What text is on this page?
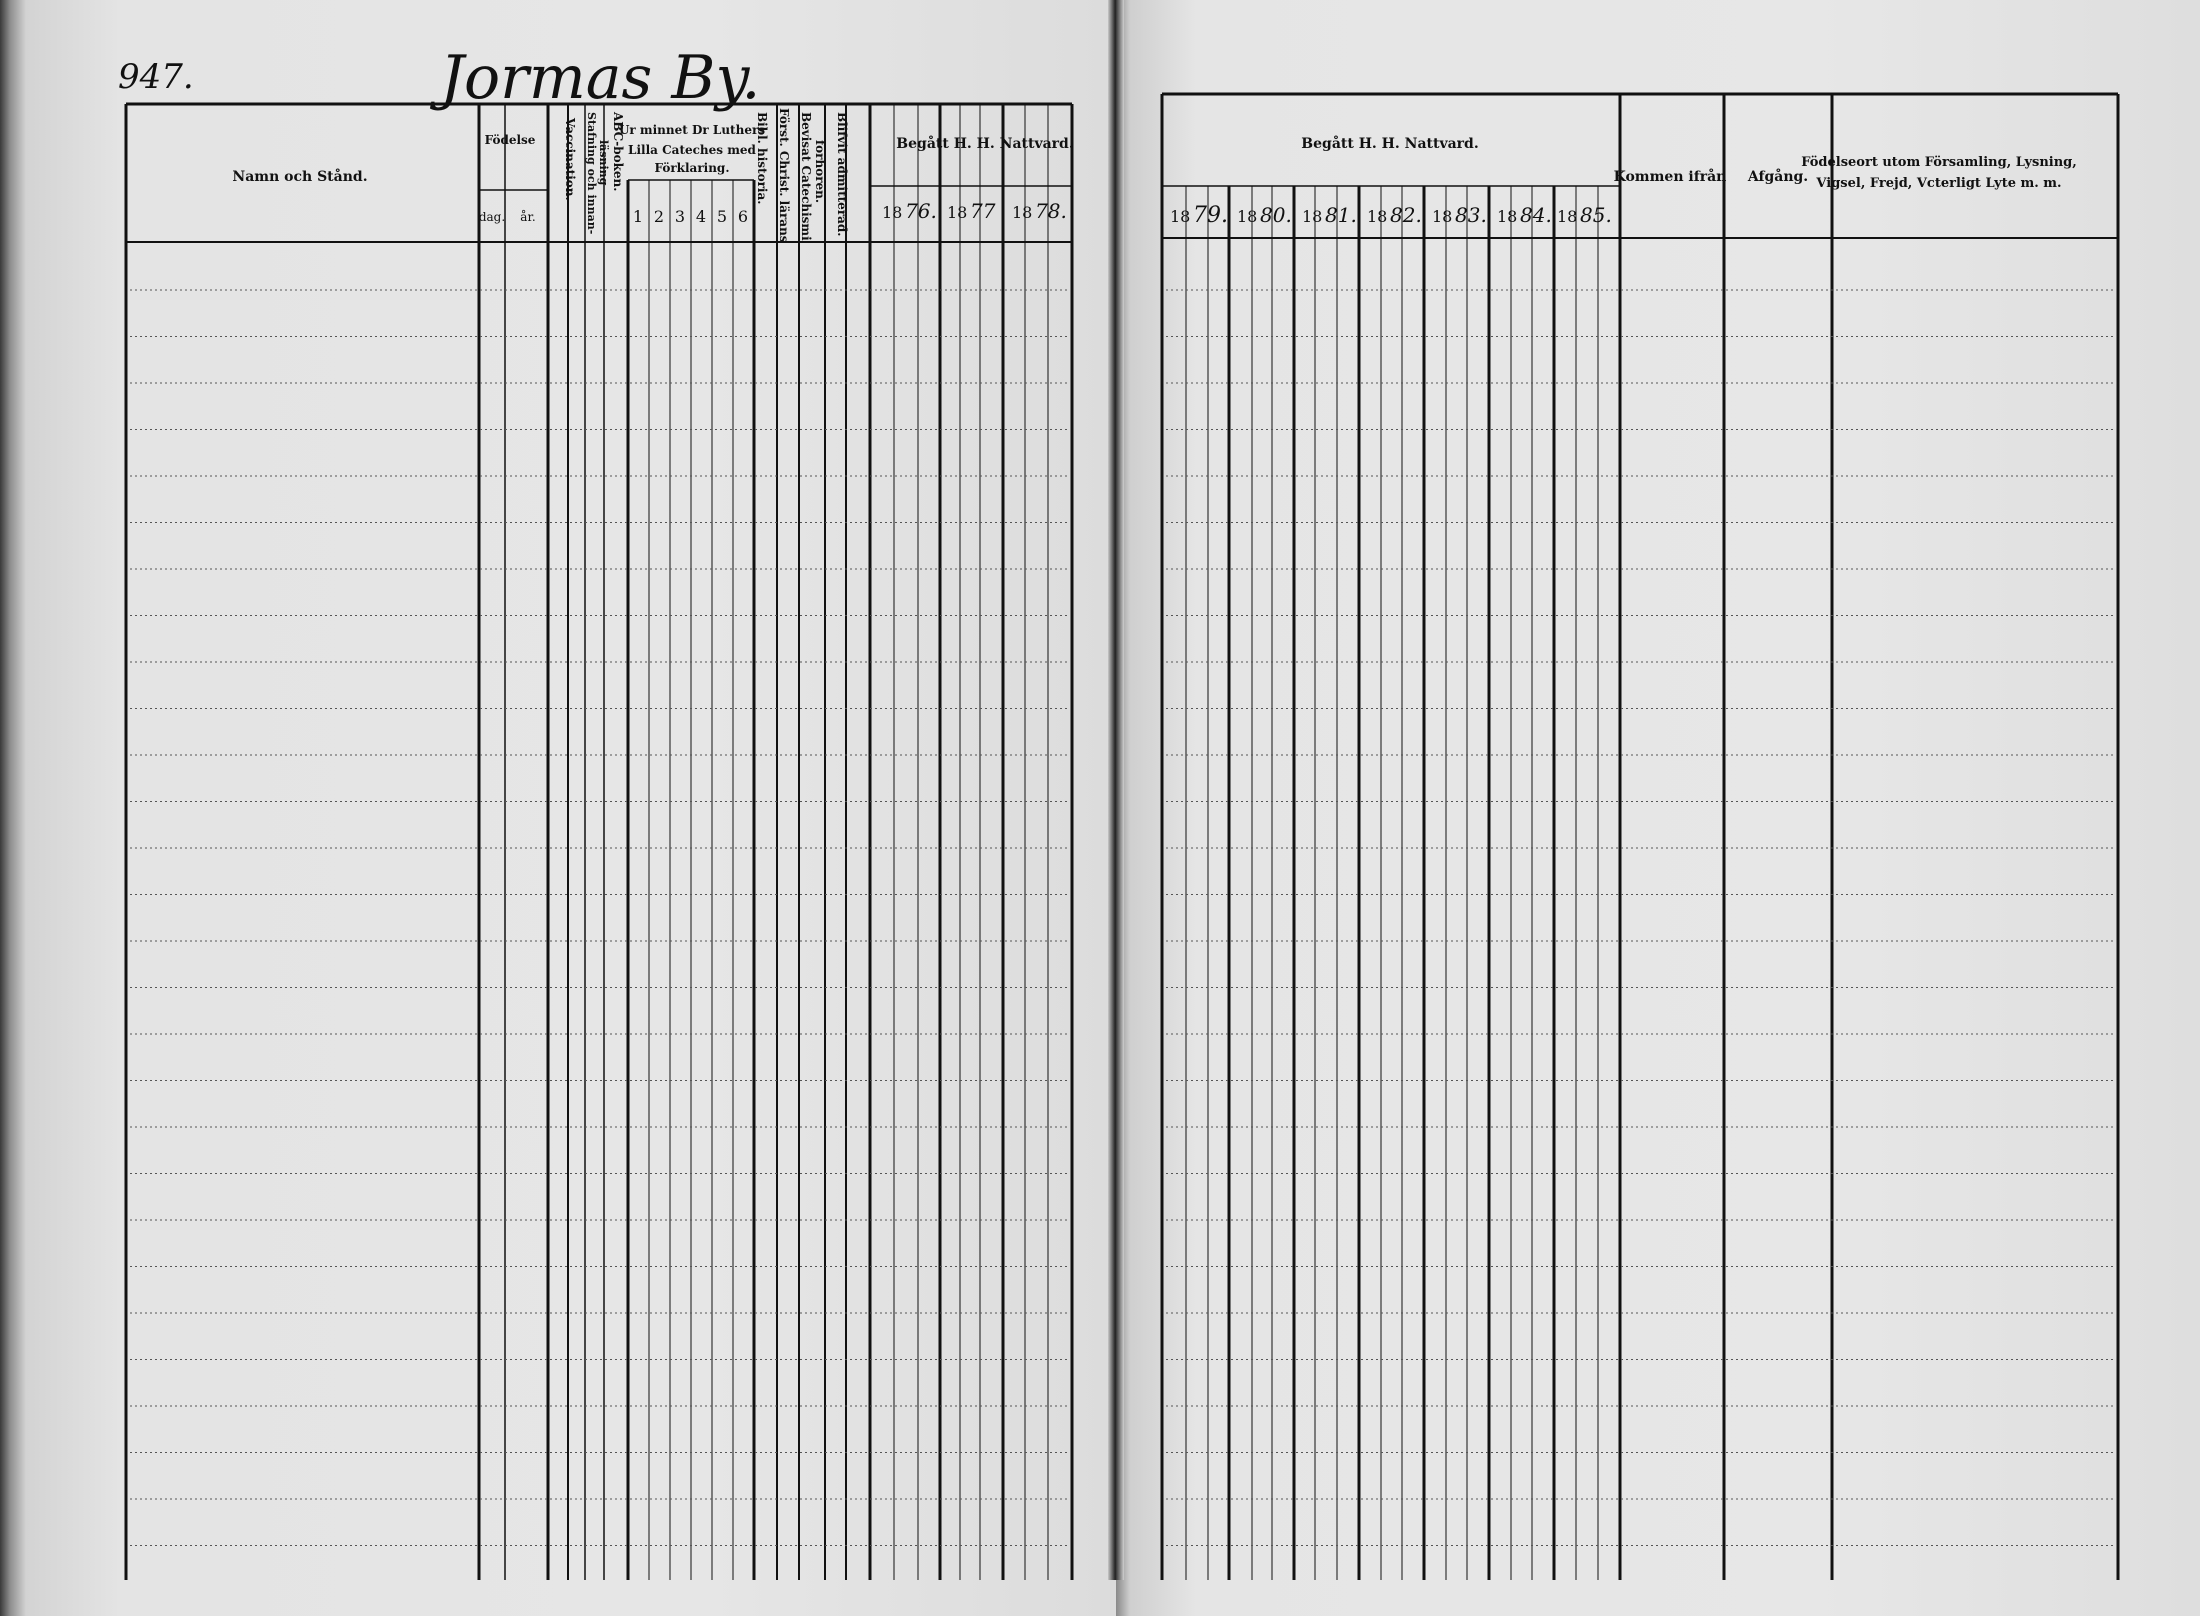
947.	Jormas By.
Namn och Stånd.
Födelse
dag. år.
Vaccination. Stafning och innan- läsning ABC-boken.
Ur minnet Dr Luthers
Lilla Cateches med
Förklaring.
1 2 3 4 5 6
Bibl. historia. Först. Christ. lärans Bevisat Catechismi förhören. Blifvit admitterad.	Begått H. H. Nattvard.
18 76. 18 77 18 78.
Begått H. H. Nattvard.
18 79. 18 80. 18 81. 18 82. 18 83. 18 84. 18 85.
Kommen ifrån Afgång.
Födelseort utom Församling, Lysning,
Vigsel, Frejd, Vcterligt Lyte m. m.
